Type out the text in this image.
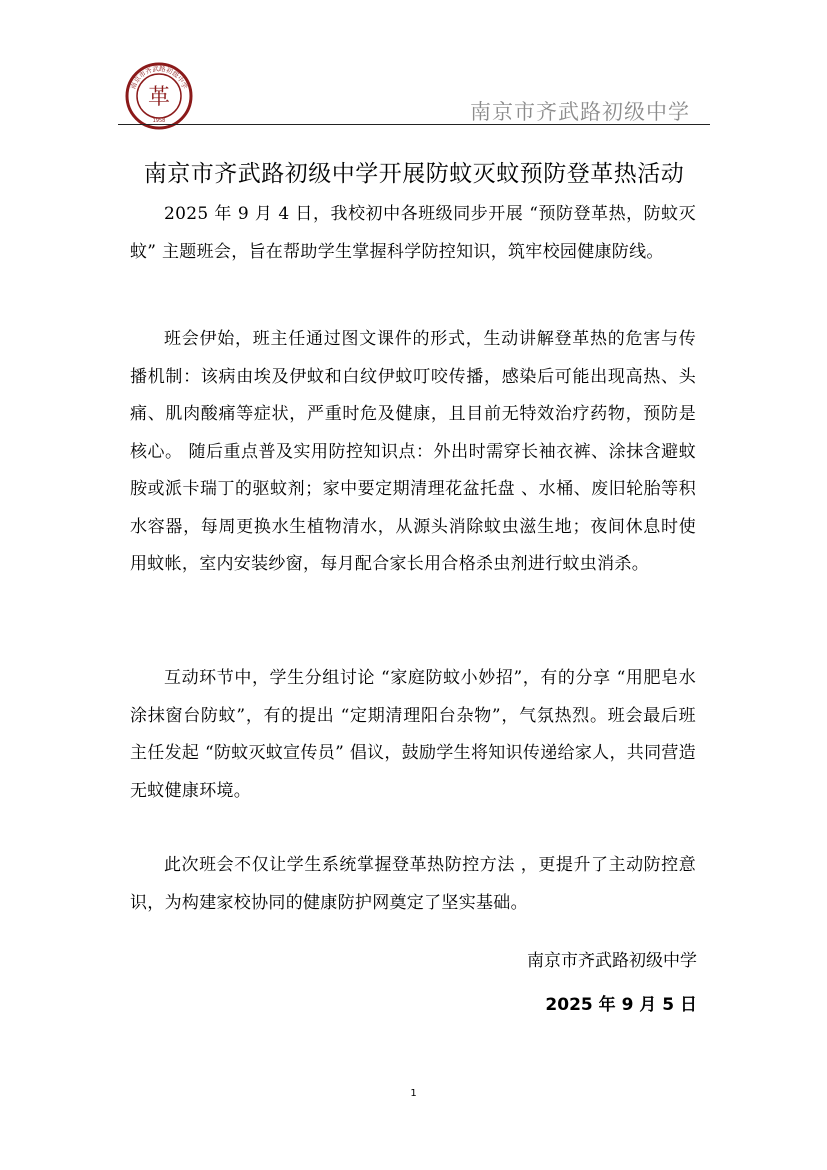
南京市齐武路初级中学
革
1958	南京市齐武路初级中学
南京市齐武路初级中学开展防蚊灭蚊预防登革热活动
2025 年 9 月 4 日，我校初中各班级同步开展 “预防登革热，防蚊灭蚊” 主题班会，旨在帮助学生掌握科学防控知识，筑牢校园健康防线。
班会伊始，班主任通过图文课件的形式，生动讲解登革热的危害与传播机制：该病由埃及伊蚊和白纹伊蚊叮咬传播，感染后可能出现高热、头痛、肌肉酸痛等症状，严重时危及健康，且目前无特效治疗药物，预防是核心。 随后重点普及实用防控知识点：外出时需穿长袖衣裤、涂抹含避蚊胺或派卡瑞丁的驱蚊剂；家中要定期清理花盆托盘 、水桶、废旧轮胎等积水容器，每周更换水生植物清水，从源头消除蚊虫滋生地；夜间休息时使用蚊帐，室内安装纱窗，每月配合家长用合格杀虫剂进行蚊虫消杀。
互动环节中，学生分组讨论 “家庭防蚊小妙招”，有的分享 “用肥皂水涂抹窗台防蚊”，有的提出 “定期清理阳台杂物”，气氛热烈。班会最后班主任发起 “防蚊灭蚊宣传员” 倡议，鼓励学生将知识传递给家人，共同营造无蚊健康环境。
此次班会不仅让学生系统掌握登革热防控方法 ，更提升了主动防控意识，为构建家校协同的健康防护网奠定了坚实基础。
南京市齐武路初级中学
2025 年 9 月 5 日
1
